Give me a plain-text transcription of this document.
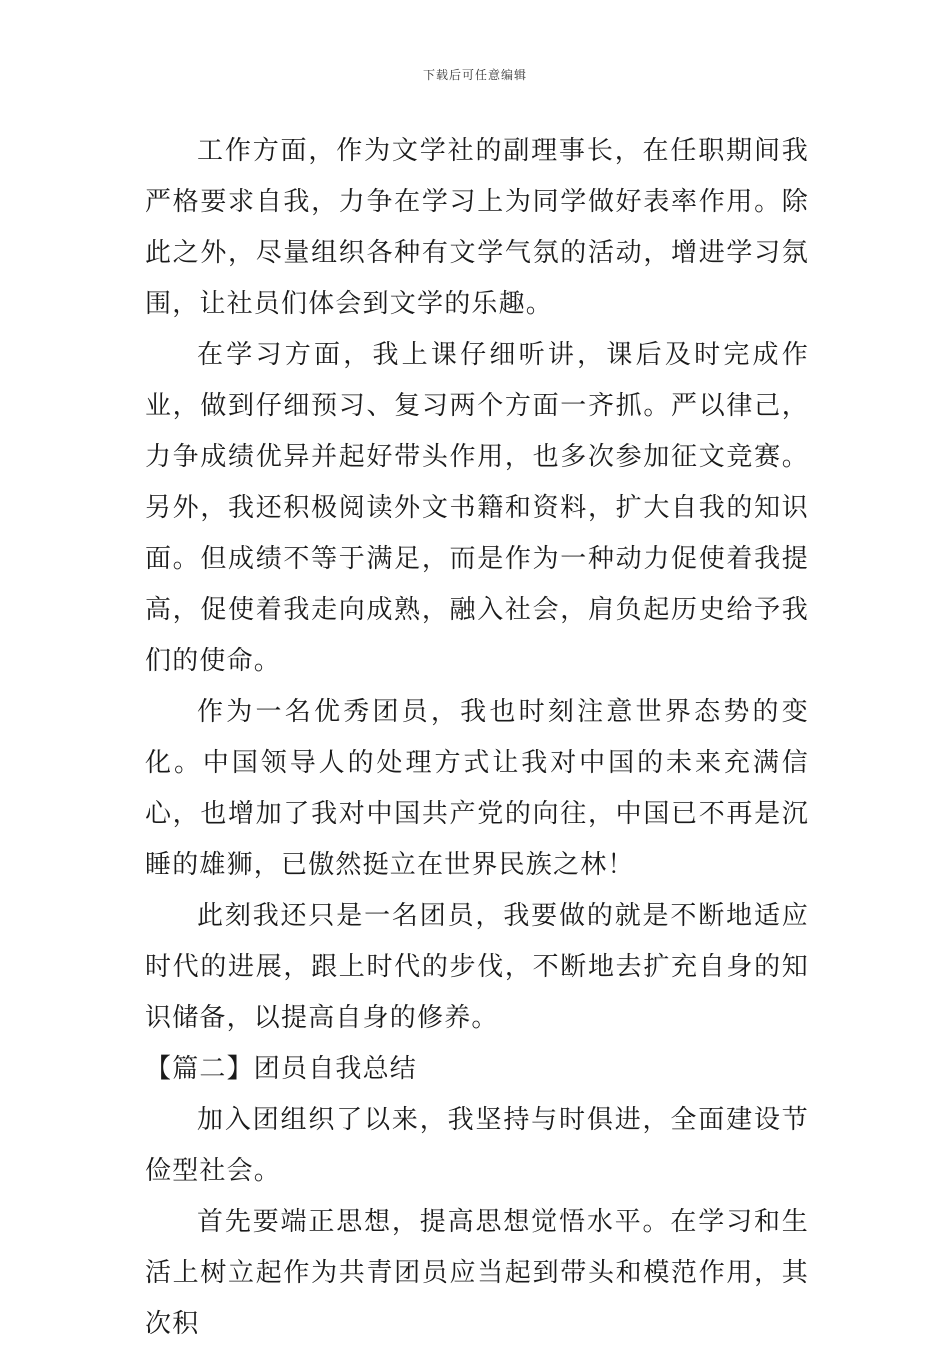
下载后可任意编辑

工作方面，作为文学社的副理事长，在任职期间我严格要求自我，力争在学习上为同学做好表率作用。除此之外，尽量组织各种有文学气氛的活动，增进学习氛围，让社员们体会到文学的乐趣。

在学习方面，我上课仔细听讲，课后及时完成作业，做到仔细预习、复习两个方面一齐抓。严以律己，力争成绩优异并起好带头作用，也多次参加征文竞赛。另外，我还积极阅读外文书籍和资料，扩大自我的知识面。但成绩不等于满足，而是作为一种动力促使着我提高，促使着我走向成熟，融入社会，肩负起历史给予我们的使命。

作为一名优秀团员，我也时刻注意世界态势的变化。中国领导人的处理方式让我对中国的未来充满信心，也增加了我对中国共产党的向往，中国已不再是沉睡的雄狮，已傲然挺立在世界民族之林！

此刻我还只是一名团员，我要做的就是不断地适应时代的进展，跟上时代的步伐，不断地去扩充自身的知识储备，以提高自身的修养。

【篇二】团员自我总结

加入团组织了以来，我坚持与时俱进，全面建设节俭型社会。

首先要端正思想，提高思想觉悟水平。在学习和生活上树立起作为共青团员应当起到带头和模范作用，其次积
